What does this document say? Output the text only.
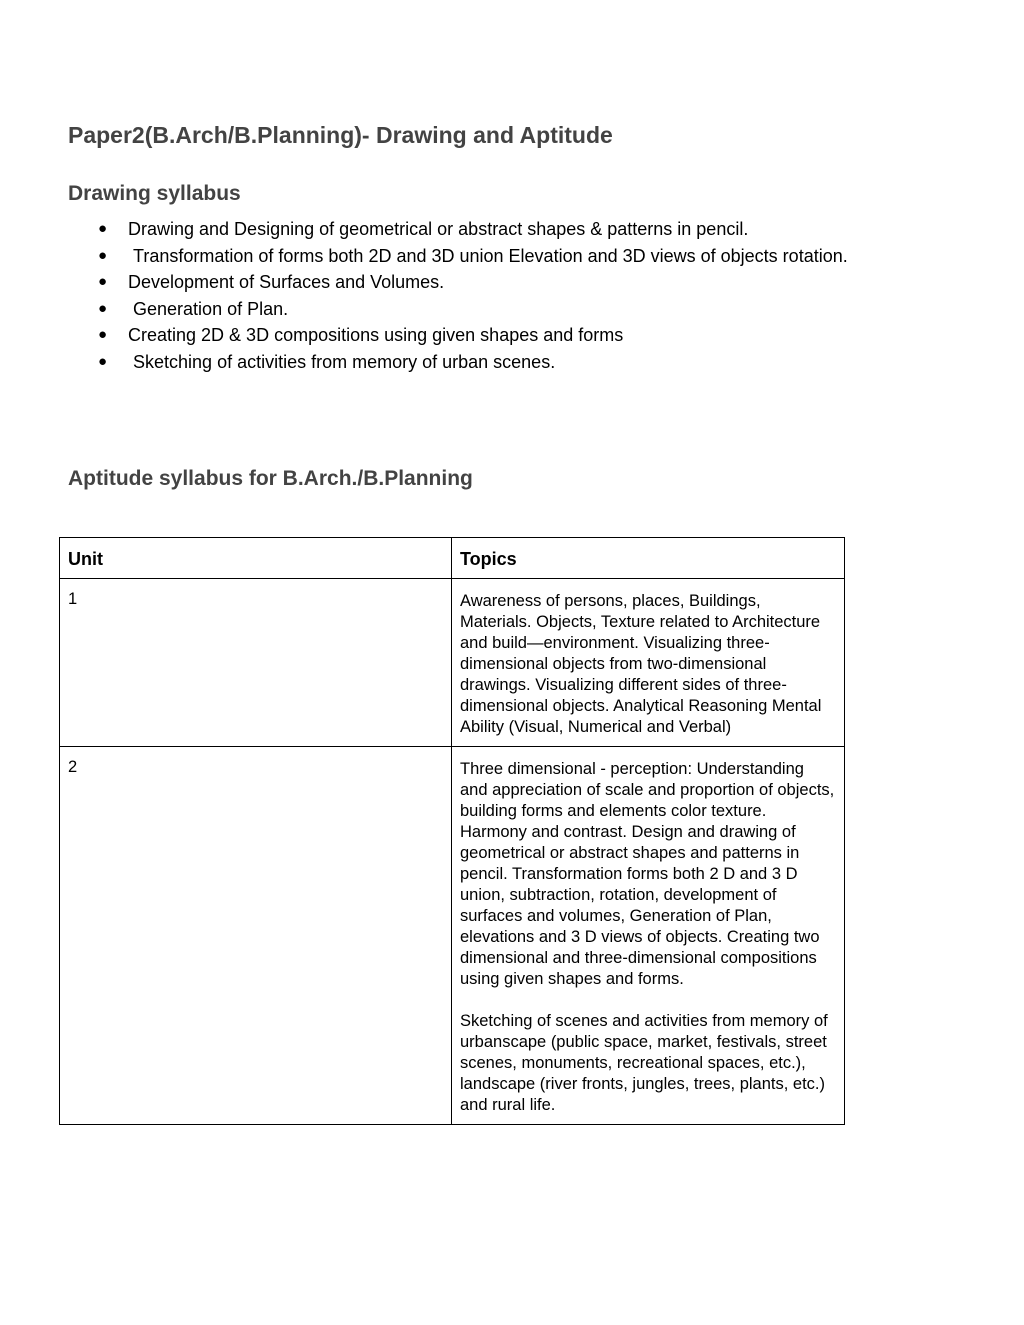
Paper2(B.Arch/B.Planning)- Drawing and Aptitude
Drawing syllabus
● Drawing and Designing of geometrical or abstract shapes & patterns in pencil.
● Transformation of forms both 2D and 3D union Elevation and 3D views of objects rotation.
● Development of Surfaces and Volumes.
● Generation of Plan.
● Creating 2D & 3D compositions using given shapes and forms
● Sketching of activities from memory of urban scenes.
Aptitude syllabus for B.Arch./B.Planning
Unit	Topics
1	Awareness of persons, places, Buildings, Materials. Objects, Texture related to Architecture and build—environment. Visualizing three-dimensional objects from two-dimensional drawings. Visualizing different sides of three-dimensional objects. Analytical Reasoning Mental Ability (Visual, Numerical and Verbal)

2	Three dimensional - perception: Understanding and appreciation of scale and proportion of objects, building forms and elements color texture. Harmony and contrast. Design and drawing of geometrical or abstract shapes and patterns in pencil. Transformation forms both 2 D and 3 D union, subtraction, rotation, development of surfaces and volumes, Generation of Plan, elevations and 3 D views of objects. Creating two dimensional and three-dimensional compositions using given shapes and forms.
Sketching of scenes and activities from memory of urbanscape (public space, market, festivals, street scenes, monuments, recreational spaces, etc.), landscape (river fronts, jungles, trees, plants, etc.) and rural life.
